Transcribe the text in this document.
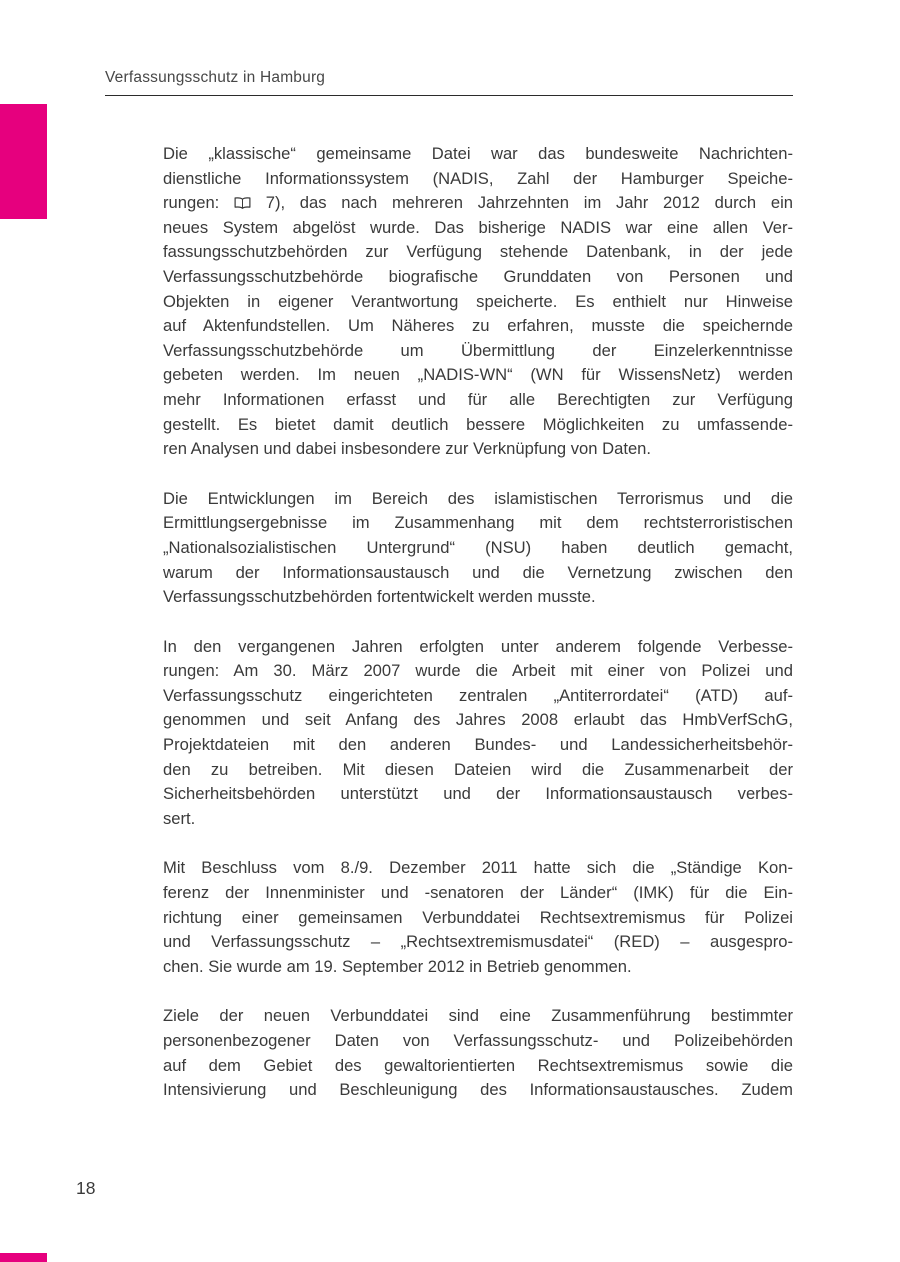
Verfassungsschutz in Hamburg
Die „klassische“ gemeinsame Datei war das bundesweite Nachrichten-
dienstliche Informationssystem (NADIS, Zahl der Hamburger Speiche-
rungen:  7), das nach mehreren Jahrzehnten im Jahr 2012 durch ein
neues System abgelöst wurde. Das bisherige NADIS war eine allen Ver-
fassungsschutzbehörden zur Verfügung stehende Datenbank, in der jede
Verfassungsschutzbehörde biografische Grunddaten von Personen und
Objekten in eigener Verantwortung speicherte. Es enthielt nur Hinweise
auf Aktenfundstellen. Um Näheres zu erfahren, musste die speichernde
Verfassungsschutzbehörde um Übermittlung der Einzelerkenntnisse
gebeten werden. Im neuen „NADIS-WN“ (WN für WissensNetz) werden
mehr Informationen erfasst und für alle Berechtigten zur Verfügung
gestellt. Es bietet damit deutlich bessere Möglichkeiten zu umfassende-
ren Analysen und dabei insbesondere zur Verknüpfung von Daten.
Die Entwicklungen im Bereich des islamistischen Terrorismus und die
Ermittlungsergebnisse im Zusammenhang mit dem rechtsterroristischen
„Nationalsozialistischen Untergrund“ (NSU) haben deutlich gemacht,
warum der Informationsaustausch und die Vernetzung zwischen den
Verfassungsschutzbehörden fortentwickelt werden musste.
In den vergangenen Jahren erfolgten unter anderem folgende Verbesse-
rungen: Am 30. März 2007 wurde die Arbeit mit einer von Polizei und
Verfassungsschutz eingerichteten zentralen „Antiterrordatei“ (ATD) auf-
genommen und seit Anfang des Jahres 2008 erlaubt das HmbVerfSchG,
Projektdateien mit den anderen Bundes- und Landessicherheitsbehör-
den zu betreiben. Mit diesen Dateien wird die Zusammenarbeit der
Sicherheitsbehörden unterstützt und der Informationsaustausch verbes-
sert.
Mit Beschluss vom 8./9. Dezember 2011 hatte sich die „Ständige Kon-
ferenz der Innenminister und -senatoren der Länder“ (IMK) für die Ein-
richtung einer gemeinsamen Verbunddatei Rechtsextremismus für Polizei
und Verfassungsschutz – „Rechtsextremismusdatei“ (RED) – ausgespro-
chen. Sie wurde am 19. September 2012 in Betrieb genommen.
Ziele der neuen Verbunddatei sind eine Zusammenführung bestimmter
personenbezogener Daten von Verfassungsschutz- und Polizeibehörden
auf dem Gebiet des gewaltorientierten Rechtsextremismus sowie die
Intensivierung und Beschleunigung des Informationsaustausches. Zudem
18
